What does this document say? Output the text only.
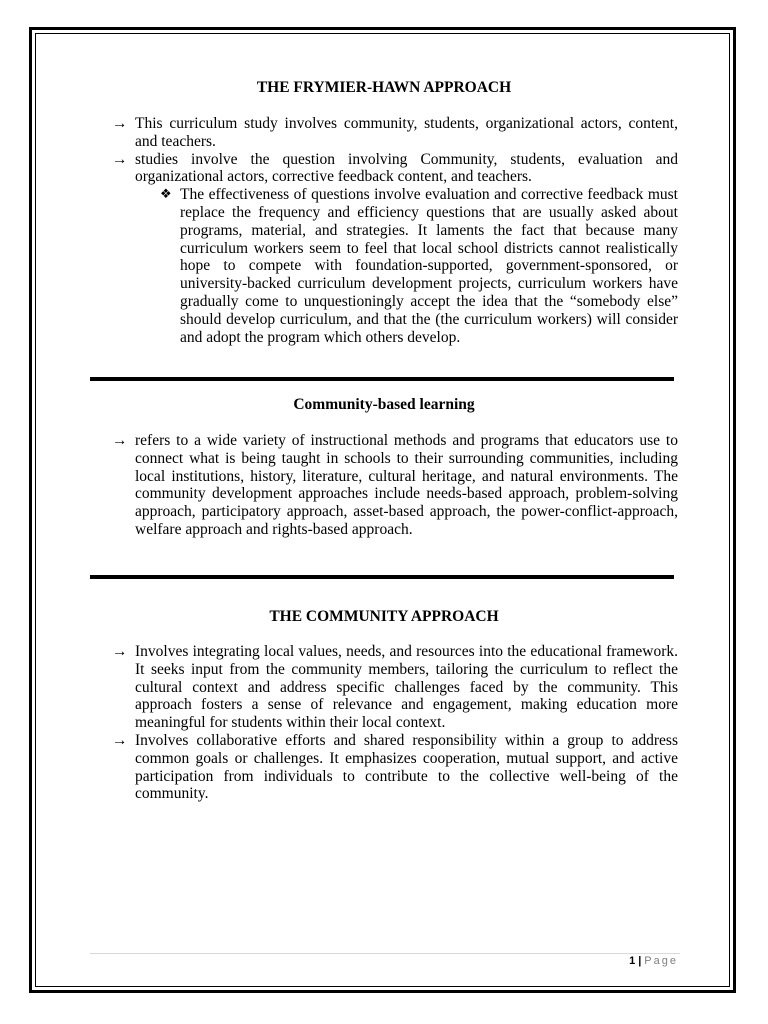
THE FRYMIER-HAWN APPROACH

→ This curriculum study involves community, students, organizational actors, content, and teachers.

→ studies involve the question involving Community, students, evaluation and organizational actors, corrective feedback content, and teachers.

❖ The effectiveness of questions involve evaluation and corrective feedback must replace the frequency and efficiency questions that are usually asked about programs, material, and strategies. It laments the fact that because many curriculum workers seem to feel that local school districts cannot realistically hope to compete with foundation-supported, government-sponsored, or university-backed curriculum development projects, curriculum workers have gradually come to unquestioningly accept the idea that the “somebody else” should develop curriculum, and that the (the curriculum workers) will consider and adopt the program which others develop.
Community-based learning

→ refers to a wide variety of instructional methods and programs that educators use to connect what is being taught in schools to their surrounding communities, including local institutions, history, literature, cultural heritage, and natural environments. The community development approaches include needs-based approach, problem-solving approach, participatory approach, asset-based approach, the power-conflict-approach, welfare approach and rights-based approach.

THE COMMUNITY APPROACH

→ Involves integrating local values, needs, and resources into the educational framework. It seeks input from the community members, tailoring the curriculum to reflect the cultural context and address specific challenges faced by the community. This approach fosters a sense of relevance and engagement, making education more meaningful for students within their local context.

→ Involves collaborative efforts and shared responsibility within a group to address common goals or challenges. It emphasizes cooperation, mutual support, and active participation from individuals to contribute to the collective well-being of the community.

1 | Page
